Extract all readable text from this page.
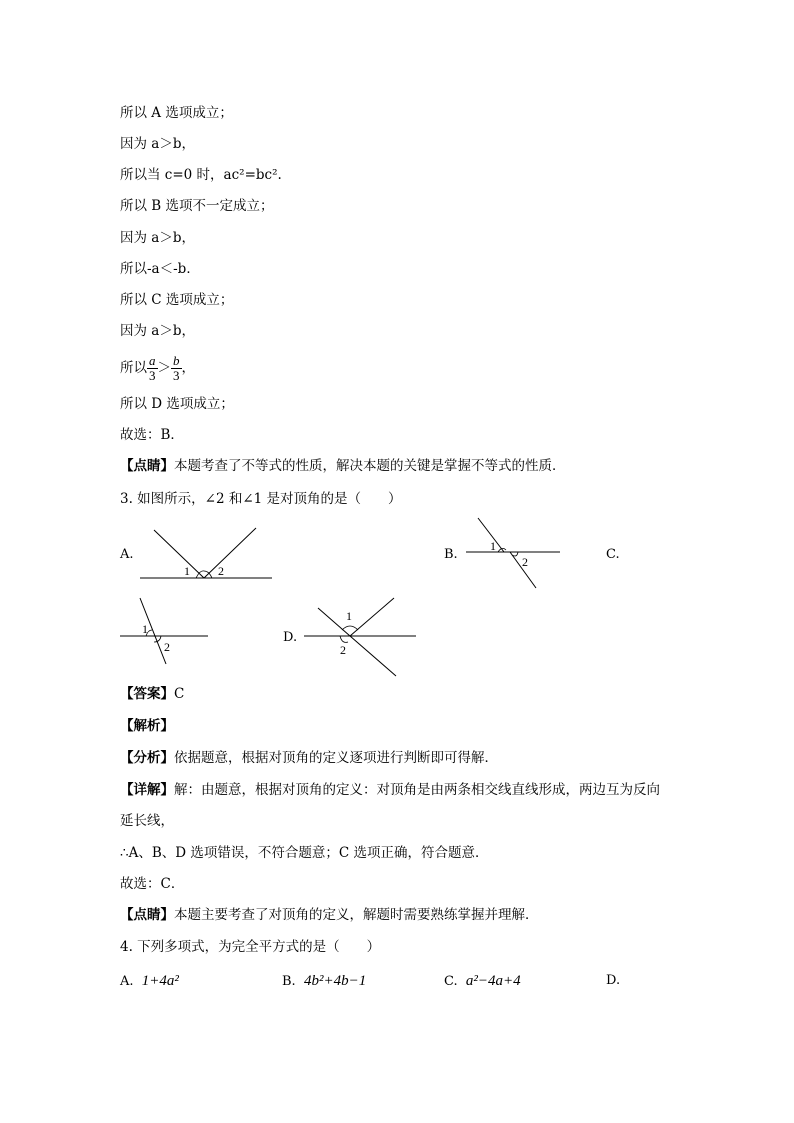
所以 A 选项成立；
因为 a＞b，
所以当 c=0 时，ac²=bc².
所以 B 选项不一定成立；
因为 a＞b，
所以-a＜-b．
所以 C 选项成立；
因为 a＞b，
所以 $\frac{a}{3} > \frac{b}{3}$ ，
所以 D 选项成立；
故选：B．
【点睛】本题考查了不等式的性质，解决本题的关键是掌握不等式的性质．
3. 如图所示，∠2 和∠1 是对顶角的是（　　）
A.
1 2
B.
1
2	C.
1
2
D.
1
2
【答案】C
【解析】
【分析】依据题意，根据对顶角的定义逐项进行判断即可得解．
【详解】解：由题意，根据对顶角的定义：对顶角是由两条相交线直线形成，两边互为反向
延长线，
∴A、B、D 选项错误，不符合题意；C 选项正确，符合题意．
故选：C．
【点睛】本题主要考查了对顶角的定义，解题时需要熟练掌握并理解．
4. 下列多项式，为完全平方式的是（　　）
A. 1+4a²	B. 4b²+4b−1	C. a²−4a+4	D.
